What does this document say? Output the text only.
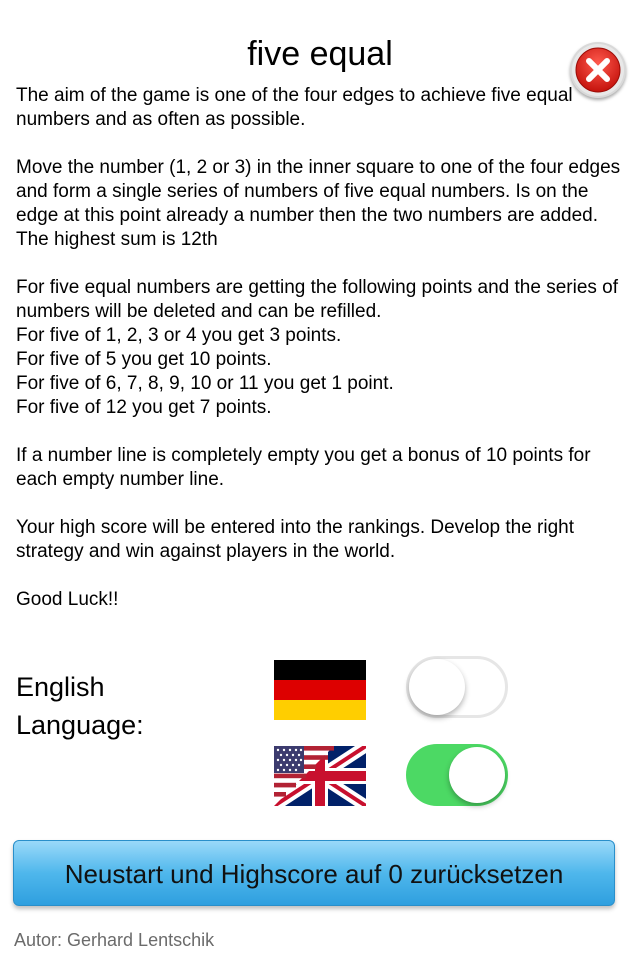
five equal

The aim of the game is one of the four edges to achieve five equal numbers and as often as possible.

Move the number (1, 2 or 3) in the inner square to one of the four edges and form a single series of numbers of five equal numbers. Is on the edge at this point already a number then the two numbers are added. The highest sum is 12th

For five equal numbers are getting the following points and the series of numbers will be deleted and can be refilled.

For five of 1, 2, 3 or 4 you get 3 points.
For five of 5 you get 10 points.
For five of 6, 7, 8, 9, 10 or 11 you get 1 point.
For five of 12 you get 7 points.

If a number line is completely empty you get a bonus of 10 points for each empty number line.

Your high score will be entered into the rankings. Develop the right strategy and win against players in the world.

Good Luck!!

English
Language:
Neustart und Highscore auf 0 zurücksetzen
Autor: Gerhard Lentschik
